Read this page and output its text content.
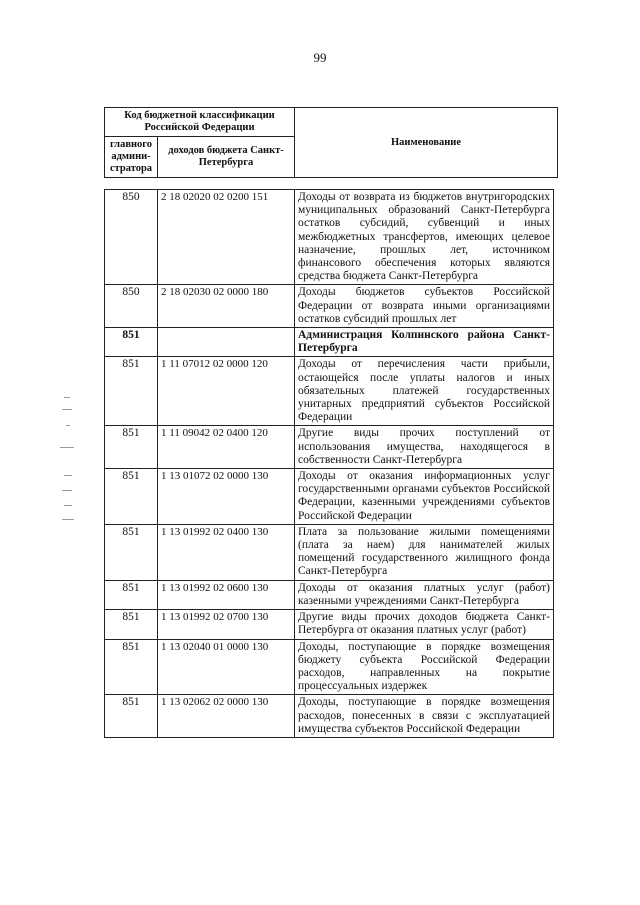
99
Код бюджетной классификации Российской Федерации		Наименование
главного админи-стратора	доходов бюджета Санкт-Петербурга	
850	2 18 02020 02 0200 151	Доходы от возврата из бюджетов внутригородских муниципальных образований Санкт-Петербурга остатков субсидий, субвенций и иных межбюджетных трансфертов, имеющих целевое назначение, прошлых лет, источником финансового обеспечения которых являются средства бюджета Санкт-Петербурга
850	2 18 02030 02 0000 180	Доходы бюджетов субъектов Российской Федерации от возврата иными организациями остатков субсидий прошлых лет
851		Администрация Колпинского района Санкт-Петербурга
851	1 11 07012 02 0000 120	Доходы от перечисления части прибыли, остающейся после уплаты налогов и иных обязательных платежей государственных унитарных предприятий субъектов Российской Федерации
851	1 11 09042 02 0400 120	Другие виды прочих поступлений от использования имущества, находящегося в собственности Санкт-Петербурга
851	1 13 01072 02 0000 130	Доходы от оказания информационных услуг государственными органами субъектов Российской Федерации, казенными учреждениями субъектов Российской Федерации
851	1 13 01992 02 0400 130	Плата за пользование жилыми помещениями (плата за наем) для нанимателей жилых помещений государственного жилищного фонда Санкт-Петербурга
851	1 13 01992 02 0600 130	Доходы от оказания платных услуг (работ) казенными учреждениями Санкт-Петербурга
851	1 13 01992 02 0700 130	Другие виды прочих доходов бюджета Санкт-Петербурга от оказания платных услуг (работ)
851	1 13 02040 01 0000 130	Доходы, поступающие в порядке возмещения бюджету субъекта Российской Федерации расходов, направленных на покрытие процессуальных издержек
851	1 13 02062 02 0000 130	Доходы, поступающие в порядке возмещения расходов, понесенных в связи с эксплуатацией имущества субъектов Российской Федерации
